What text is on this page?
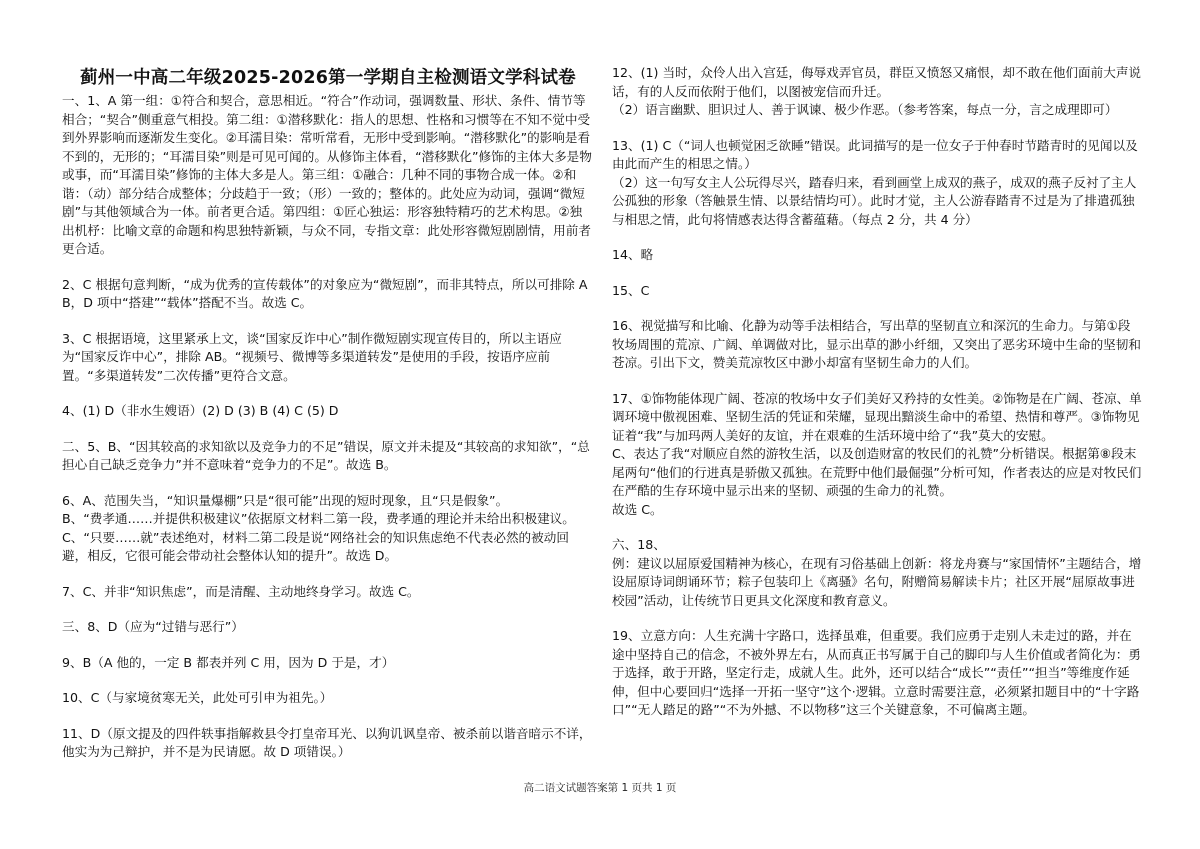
蓟州一中高二年级2025-2026第一学期自主检测语文学科试卷

一、1、A 第一组：①符合和契合，意思相近。“符合”作动词，强调数量、形状、条件、情节等相合；“契合”侧重意气相投。第二组：①潜移默化：指人的思想、性格和习惯等在不知不觉中受到外界影响而逐渐发生变化。②耳濡目染：常听常看，无形中受到影响。“潜移默化”的影响是看不到的，无形的；“耳濡目染”则是可见可闻的。从修饰主体看，“潜移默化”修饰的主体大多是物或事，而“耳濡目染”修饰的主体大多是人。第三组：①融合：几种不同的事物合成一体。②和谐：（动）部分结合成整体；分歧趋于一致；（形）一致的；整体的。此处应为动词，强调“微短剧”与其他领域合为一体。前者更合适。第四组：①匠心独运：形容独特精巧的艺术构思。②独出机杼：比喻文章的命题和构思独特新颖，与众不同，专指文章：此处形容微短剧剧情，用前者更合适。

2、C 根据句意判断，“成为优秀的宣传载体”的对象应为“微短剧”，而非其特点，所以可排除 AB，D 项中“搭建”“载体”搭配不当。故选 C。

3、C 根据语境，这里紧承上文，谈“国家反诈中心”制作微短剧实现宣传目的，所以主语应为“国家反诈中心”，排除 AB。“视频号、微博等多渠道转发”是使用的手段，按语序应前置。“多渠道转发”二次传播”更符合文意。

4、(1) D（非水生嫂语）(2) D (3) B (4) C (5) D

二、5、B、“因其较高的求知欲以及竞争力的不足”错误，原文并未提及“其较高的求知欲”，“总担心自己缺乏竞争力”并不意味着“竞争力的不足”。故选 B。

6、A、范围失当，“知识量爆棚”只是“很可能”出现的短时现象，且“只是假象”。
B、“费孝通……并提供积极建议”依据原文材料二第一段，费孝通的理论并未给出积极建议。
C、“只要……就”表述绝对，材料二第二段是说“网络社会的知识焦虑绝不代表必然的被动回避，相反，它很可能会带动社会整体认知的提升”。故选 D。

7、C、并非“知识焦虑”，而是清醒、主动地终身学习。故选 C。

三、8、D（应为“过错与恶行”）

9、B（A 他的，一定 B 都表并列 C 用，因为 D 于是，才）

10、C（与家境贫寒无关，此处可引申为祖先。）

11、D（原文提及的四件轶事指解救县令打皇帝耳光、以狗讥讽皇帝、被杀前以谐音暗示不详，他实为为己辩护，并不是为民请愿。故 D 项错误。）

12、(1) 当时，众伶人出入宫廷，侮辱戏弄官员，群臣又愤怒又痛恨，却不敢在他们面前大声说话，有的人反而依附于他们，以图被宠信而升迁。
（2）语言幽默、胆识过人、善于讽谏、极少作恶。（参考答案，每点一分，言之成理即可）

13、(1) C（“词人也顿觉困乏欲睡”错误。此词描写的是一位女子于仲春时节踏青时的见闻以及由此而产生的相思之情。）
（2）这一句写女主人公玩得尽兴，踏春归来，看到画堂上成双的燕子，成双的燕子反衬了主人公孤独的形象（答触景生情、以景结情均可）。此时才觉，主人公游春踏青不过是为了排遣孤独与相思之情，此句将情感表达得含蓄蕴藉。（每点 2 分，共 4 分）

14、略

15、C

16、视觉描写和比喻、化静为动等手法相结合，写出草的坚韧直立和深沉的生命力。与第①段牧场周围的荒凉、广阔、单调做对比，显示出草的渺小纤细，又突出了恶劣环境中生命的坚韧和苍凉。引出下文，赞美荒凉牧区中渺小却富有坚韧生命力的人们。

17、①饰物能体现广阔、苍凉的牧场中女子们美好又矜持的女性美。②饰物是在广阔、苍凉、单调环境中傲视困难、坚韧生活的凭证和荣耀，显现出黯淡生命中的希望、热情和尊严。③饰物见证着“我”与加玛两人美好的友谊，并在艰难的生活环境中给了“我”莫大的安慰。
C、表达了我“对顺应自然的游牧生活，以及创造财富的牧民们的礼赞”分析错误。根据第⑧段末尾两句“他们的行进真是骄傲又孤独。在荒野中他们最倔强”分析可知，作者表达的应是对牧民们在严酷的生存环境中显示出来的坚韧、顽强的生命力的礼赞。
故选 C。

六、18、
例：建议以屈原爱国精神为核心，在现有习俗基础上创新：将龙舟赛与“家国情怀”主题结合，增设屈原诗词朗诵环节；粽子包装印上《离骚》名句，附赠简易解读卡片；社区开展“屈原故事进校园”活动，让传统节日更具文化深度和教育意义。

19、立意方向：人生充满十字路口，选择虽难，但重要。我们应勇于走别人未走过的路，并在途中坚持自己的信念，不被外界左右，从而真正书写属于自己的脚印与人生价值或者简化为：勇于选择，敢于开路，坚定行走，成就人生。此外，还可以结合“成长”“责任”“担当”等维度作延伸，但中心要回归“选择一开拓一坚守”这个·逻辑。立意时需要注意，必须紧扣题目中的“十字路口”“无人踏足的路”“不为外撼、不以物移”这三个关键意象，不可偏离主题。

高二语文试题答案第 1 页共 1 页
